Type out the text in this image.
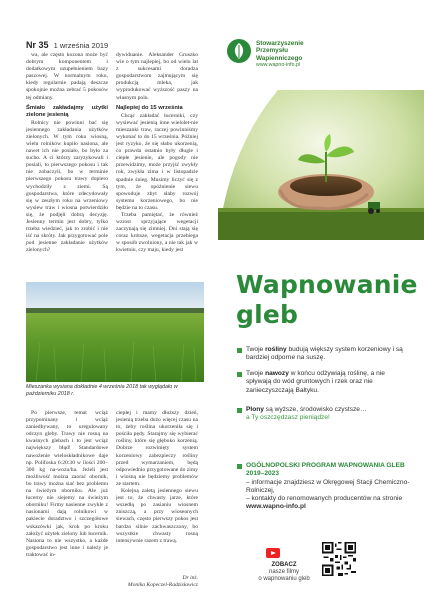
Nr 35 1 września 2019

wa, ale często kozona może być dobrym komponentem i dodatkowym uzupełnieniem bazy paszowej. W normalnym roku, kiedy regularnie padają deszcze spokojnie można zebrać 5 pokosów tej odmiany.

Śmiało zakładajmy użytki zielone jesienią

Rolnicy nie powinni bać się jesiennego zakładania użytków zielonych. W tym roku wiosną, wielu rolników kupiło nasiona, ale nawet ich nie posiało, bo było za sucho. A ci którzy zaryzykowali i posiali, to pierwszego pokosu i tak nie zobaczyli, bo w terminie pierwszego pokosu trawy dopiero wychodziły z ziemi. Są gospodarstwa, które zdecydowały się w zeszłym roku na wrzeniowy wysiew traw i wiosna potwierdziło się, że podjęli dobrą decyzję. Jesienny termin jest dobry, tylko trzeba wiedzieć, jak to zrobić i nie iść na skróty. Jak przygotować pole pod jesienne zakładanie użytków zielonych?

dywiduanie. Aleksander Gruszko wie o tym najlepiej, bo od wielu lat z sukcesami doradza gospodarstwom zajmującym się produkcją mleka, jak wyprodukować wyższość paszy na własnym polu.

Najlepiej do 15 września

Chcąc zakładać łucerniki, czy wysiewać jesienią inne wielolet-nie mieszanki traw, raczej powinniśmy wykonać to do 15 września. Później jest ryzyko, że się słabo ukorzenią, co prawda ostatnio były długie i ciepłe jesienie, ale pogody nie przewidzimy, może przyjść zwykły rok, zwykła zima i w listopadzie spadnie śnieg. Musimy liczyć się z tym, że opóźnienie siewu spowoduje zbyt słaby rozwój systemu korzeniowego, bo nie będzie na to czasu.

Trzeba pamiętać, że również wzrost sprzyjające wegetacji zaczynają się zimniej. Dni stają się coraz krótsze, wegetacja przebiega w sposób zwolniony, a nie tak jak w kwietniu, czy maju, kiedy jest

Mieszanka wysiana dokładnie 4 września 2018 tak wyglądało w październiku 2018 r.

Po pierwsze, temat wciąż przypominany i wciąż zaniedbywany, to uregulowany odczyn gleby. Trawy nie rosną na kwaśnych glebach i to jest wciąż największy błąd! Standardowe nawożenie wieloskładnikowe daje np. Polifoska 6:20:30 w ilości 200–300 kg na-wozu/ha. Jeżeli jest możliwość można zaorać obornik, bo trawy można siać bez problemu na świeżym oborniku. Ale już łucerny nie siejemy na świeżym oborniku! Firmy nasienne zwykle z nasionami dają rolnikowi w pakiecie doradztwo i szczegółowe wskazówki jak, krok po kroku założyć użytek zielony lub łucernik. Nasiona to nie wszystko, a każde gospodarstwo jest inne i należy je traktować in-

ciepłej i mamy dłuższy dzień, jesienią trzeba dużo więcej czasu na to, żeby roślina ukorzeniła się i pościła pędy. Starajmy się wybierać rośliny, które się głęboko korzenią. Dobrze rozwinięty system korzeniowy zabezpieczy rośliny przed wymarzaniem, będą odpowiednio przygotowane do zimy i wiosną nie będziemy problemów ze startem.

Kolejną zaletą jesiennego siewu jest to, że chwasty jarze, które wszedłą po zasianiu wiosnem zniszczą, a przy wiosennych siewach, często pierwszy pokos jest bardzo silnie zachwaszczony, bo wszystkie chwasty rosną intensywnie razem z trawą.

Dr inż.
Monika Kopeczel-Radzisławicz
Stowarzyszenie
Przemysłu
Wapienniczego
www.wapno-info.pl
Wapnowanie
gleb
Twoje rośliny budują większy system korzeniowy i są bardziej odporne na suszę.
Twoje nawozy w końcu odżywiają roślinę, a nie spływają do wód gruntowych i rzek oraz nie zanieczyszczają Bałtyku.
Plony są wyższe, środowisko czystsze…
a Ty oszczędzasz pieniądze!
OGÓLNOPOLSKI PROGRAM WAPNOWANIA GLEB 2019–2023
– informacje znajdziesz w Okręgowej Stacji Chemiczno-Rolniczej,
– kontakty do renomowanych producentów na stronie www.wapno-info.pl
ZOBACZ
nasze filmy
o wapnowaniu gleb
